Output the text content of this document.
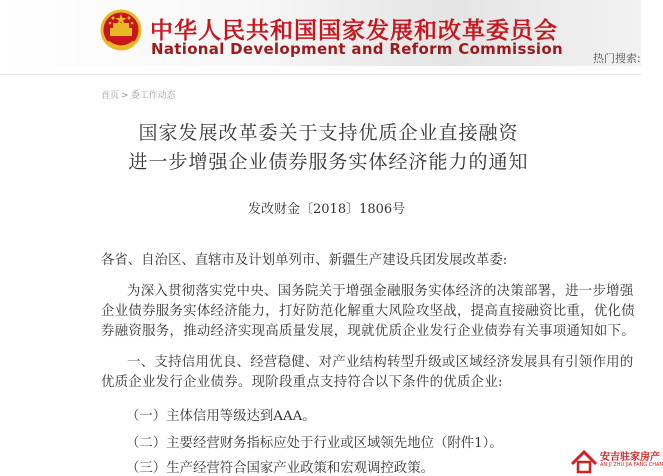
中华人民共和国国家发展和改革委员会
National Development and Reform Commission
热门搜索:
首页 > 委工作动态
国家发展改革委关于支持优质企业直接融资
进一步增强企业债券服务实体经济能力的通知
发改财金〔2018〕1806号
各省、自治区、直辖市及计划单列市、新疆生产建设兵团发展改革委:
为深入贯彻落实党中央、国务院关于增强金融服务实体经济的决策部署，进一步增强企业债券服务实体经济能力，打好防范化解重大风险攻坚战，提高直接融资比重，优化债券融资服务，推动经济实现高质量发展，现就优质企业发行企业债券有关事项通知如下。
一、支持信用优良、经营稳健、对产业结构转型升级或区域经济发展具有引领作用的优质企业发行企业债券。现阶段重点支持符合以下条件的优质企业:
（一）主体信用等级达到AAA。
（二）主要经营财务指标应处于行业或区域领先地位（附件1）。
（三）生产经营符合国家产业政策和宏观调控政策。
安吉驻家房产
AN JI ZHU JIA FANG CHAN
